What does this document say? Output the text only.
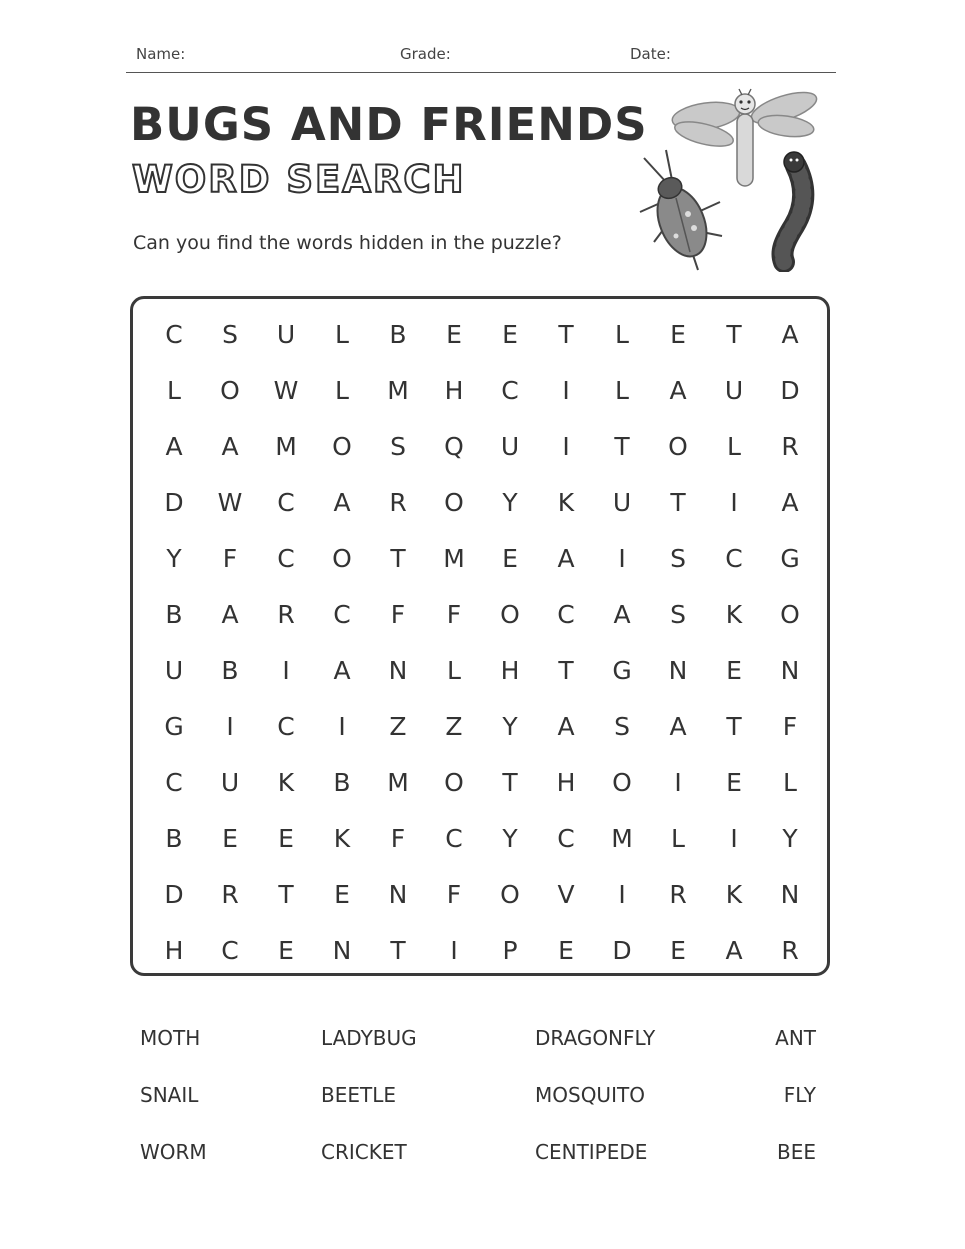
Name:	Grade:	Date:
BUGS AND FRIENDS
WORD SEARCH
Can you find the words hidden in the puzzle?
C	S	U	L	B	E	E	T	L	E	T	A
L	O	W	L	M	H	C	I	L	A	U	D
A	A	M	O	S	Q	U	I	T	O	L	R
D	W	C	A	R	O	Y	K	U	T	I	A
Y	F	C	O	T	M	E	A	I	S	C	G
B	A	R	C	F	F	O	C	A	S	K	O
U	B	I	A	N	L	H	T	G	N	E	N
G	I	C	I	Z	Z	Y	A	S	A	T	F
C	U	K	B	M	O	T	H	O	I	E	L
B	E	E	K	F	C	Y	C	M	L	I	Y
D	R	T	E	N	F	O	V	I	R	K	N
H	C	E	N	T	I	P	E	D	E	A	R
MOTH	LADYBUG	DRAGONFLY	ANT
SNAIL	BEETLE	MOSQUITO	FLY
WORM	CRICKET	CENTIPEDE	BEE
